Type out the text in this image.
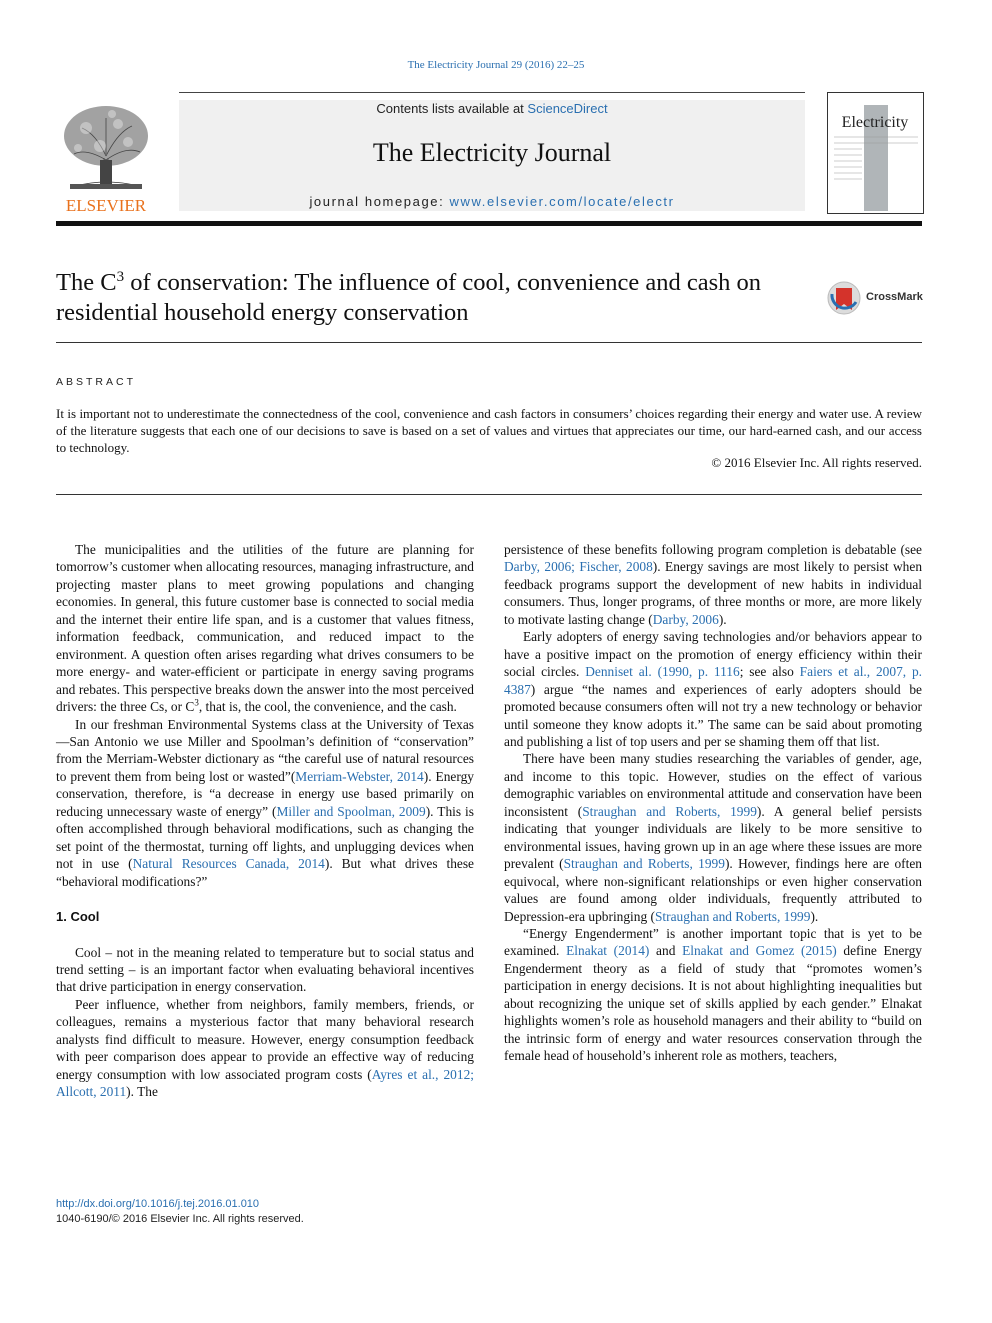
The Electricity Journal 29 (2016) 22–25
ELSEVIER
Contents lists available at ScienceDirect
The Electricity Journal
journal homepage: www.elsevier.com/locate/electr
Electricity
The $C^3$ of conservation: The influence of cool, convenience and cash on residential household energy conservation
CrossMark
ABSTRACT
It is important not to underestimate the connectedness of the cool, convenience and cash factors in consumers’ choices regarding their energy and water use. A review of the literature suggests that each one of our decisions to save is based on a set of values and virtues that appreciates our time, our hard-earned cash, and our access to technology.
© 2016 Elsevier Inc. All rights reserved.

The municipalities and the utilities of the future are planning for tomorrow’s customer when allocating resources, managing infrastructure, and projecting master plans to meet growing populations and changing economies. In general, this future customer base is connected to social media and the internet their entire life span, and is a customer that values fitness, information feedback, communication, and reduced impact to the environment. A question often arises regarding what drives consumers to be more energy- and water-efficient or participate in energy saving programs and rebates. This perspective breaks down the answer into the most perceived drivers: the three Cs, or $C^3$, that is, the cool, the convenience, and the cash.

In our freshman Environmental Systems class at the University of Texas—San Antonio we use Miller and Spoolman’s definition of “conservation” from the Merriam-Webster dictionary as “the careful use of natural resources to prevent them from being lost or wasted”(Merriam-Webster, 2014). Energy conservation, therefore, is “a decrease in energy use based primarily on reducing unnecessary waste of energy” (Miller and Spoolman, 2009). This is often accomplished through behavioral modifications, such as changing the set point of the thermostat, turning off lights, and unplugging devices when not in use (Natural Resources Canada, 2014). But what drives these “behavioral modifications?”

1. Cool

Cool – not in the meaning related to temperature but to social status and trend setting – is an important factor when evaluating behavioral incentives that drive participation in energy conservation.

Peer influence, whether from neighbors, family members, friends, or colleagues, remains a mysterious factor that many behavioral research analysts find difficult to measure. However, energy consumption feedback with peer comparison does appear to provide an effective way of reducing energy consumption with low associated program costs (Ayres et al., 2012; Allcott, 2011). The

persistence of these benefits following program completion is debatable (see Darby, 2006; Fischer, 2008). Energy savings are most likely to persist when feedback programs support the development of new habits in individual consumers. Thus, longer programs, of three months or more, are more likely to motivate lasting change (Darby, 2006).

Early adopters of energy saving technologies and/or behaviors appear to have a positive impact on the promotion of energy efficiency within their social circles. Denniset al. (1990, p. 1116; see also Faiers et al., 2007, p. 4387) argue “the names and experiences of early adopters should be promoted because consumers often will not try a new technology or behavior until someone they know adopts it.” The same can be said about promoting and publishing a list of top users and per se shaming them off that list.

There have been many studies researching the variables of gender, age, and income to this topic. However, studies on the effect of various demographic variables on environmental attitude and conservation have been inconsistent (Straughan and Roberts, 1999). A general belief persists indicating that younger individuals are likely to be more sensitive to environmental issues, having grown up in an age where these issues are more prevalent (Straughan and Roberts, 1999). However, findings here are often equivocal, where non-significant relationships or even higher conservation values are found among older individuals, frequently attributed to Depression-era upbringing (Straughan and Roberts, 1999).

“Energy Engenderment” is another important topic that is yet to be examined. Elnakat (2014) and Elnakat and Gomez (2015) define Energy Engenderment theory as a field of study that “promotes women’s participation in energy decisions. It is not about highlighting inequalities but about recognizing the unique set of skills applied by each gender.” Elnakat highlights women’s role as household managers and their ability to “build on the intrinsic form of energy and water resources conservation through the female head of household’s inherent role as mothers, teachers,

http://dx.doi.org/10.1016/j.tej.2016.01.010
1040-6190/© 2016 Elsevier Inc. All rights reserved.
